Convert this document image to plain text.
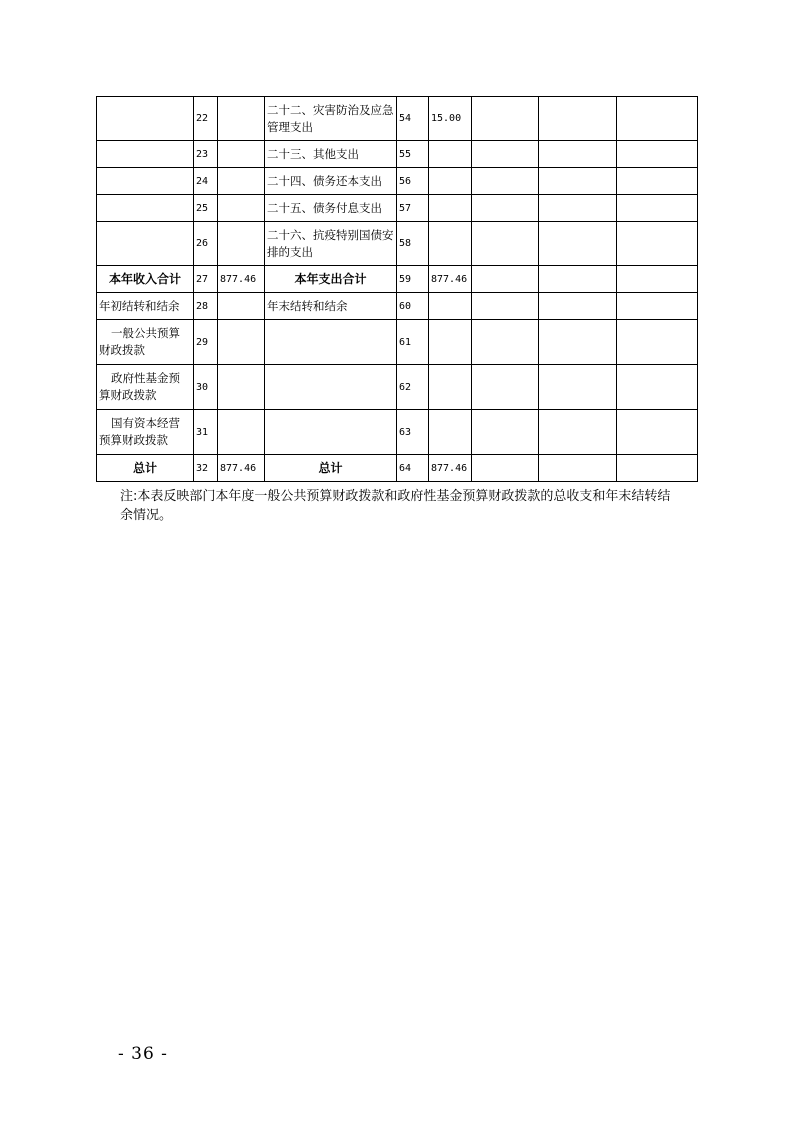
	22		二十二、灾害防治及应急管理支出	54	15.00			
	23		二十三、其他支出	55				
	24		二十四、债务还本支出	56				
	25		二十五、债务付息支出	57				
	26		二十六、抗疫特别国债安排的支出	58				
本年收入合计	27	877.46	本年支出合计	59	877.46			
年初结转和结余	28		年末结转和结余	60				
一般公共预算财政拨款	29			61				
政府性基金预算财政拨款	30			62				
国有资本经营预算财政拨款	31			63				
总计	32	877.46	总计	64	877.46			
注:本表反映部门本年度一般公共预算财政拨款和政府性基金预算财政拨款的总收支和年末结转结余情况。
- 36 -
